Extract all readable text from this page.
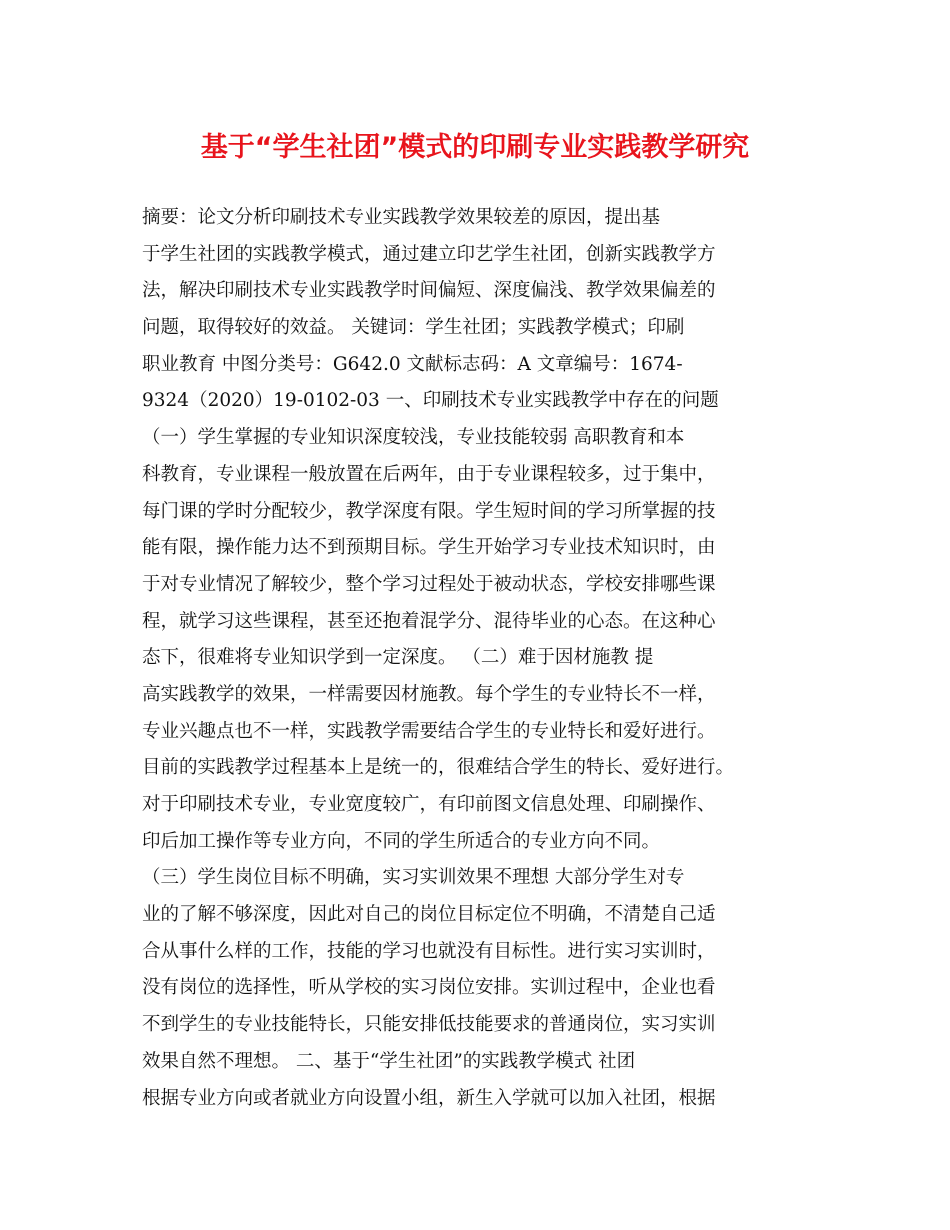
基于“学生社团”模式的印刷专业实践教学研究
摘要：论文分析印刷技术专业实践教学效果较差的原因，提出基
于学生社团的实践教学模式，通过建立印艺学生社团，创新实践教学方
法，解决印刷技术专业实践教学时间偏短、深度偏浅、教学效果偏差的
问题，取得较好的效益。 关键词：学生社团；实践教学模式；印刷
职业教育 中图分类号：G642.0 文献标志码：A 文章编号：1674-
9324（2020）19-0102-03 一、印刷技术专业实践教学中存在的问题
（一）学生掌握的专业知识深度较浅，专业技能较弱 高职教育和本
科教育，专业课程一般放置在后两年，由于专业课程较多，过于集中，
每门课的学时分配较少，教学深度有限。学生短时间的学习所掌握的技
能有限，操作能力达不到预期目标。学生开始学习专业技术知识时，由
于对专业情况了解较少，整个学习过程处于被动状态，学校安排哪些课
程，就学习这些课程，甚至还抱着混学分、混待毕业的心态。在这种心
态下，很难将专业知识学到一定深度。 （二）难于因材施教 提
高实践教学的效果，一样需要因材施教。每个学生的专业特长不一样，
专业兴趣点也不一样，实践教学需要结合学生的专业特长和爱好进行。
目前的实践教学过程基本上是统一的，很难结合学生的特长、爱好进行。
对于印刷技术专业，专业宽度较广，有印前图文信息处理、印刷操作、
印后加工操作等专业方向，不同的学生所适合的专业方向不同。
（三）学生岗位目标不明确，实习实训效果不理想 大部分学生对专
业的了解不够深度，因此对自己的岗位目标定位不明确，不清楚自己适
合从事什么样的工作，技能的学习也就没有目标性。进行实习实训时，
没有岗位的选择性，听从学校的实习岗位安排。实训过程中，企业也看
不到学生的专业技能特长，只能安排低技能要求的普通岗位，实习实训
效果自然不理想。 二、基于“学生社团”的实践教学模式 社团
根据专业方向或者就业方向设置小组，新生入学就可以加入社团，根据
